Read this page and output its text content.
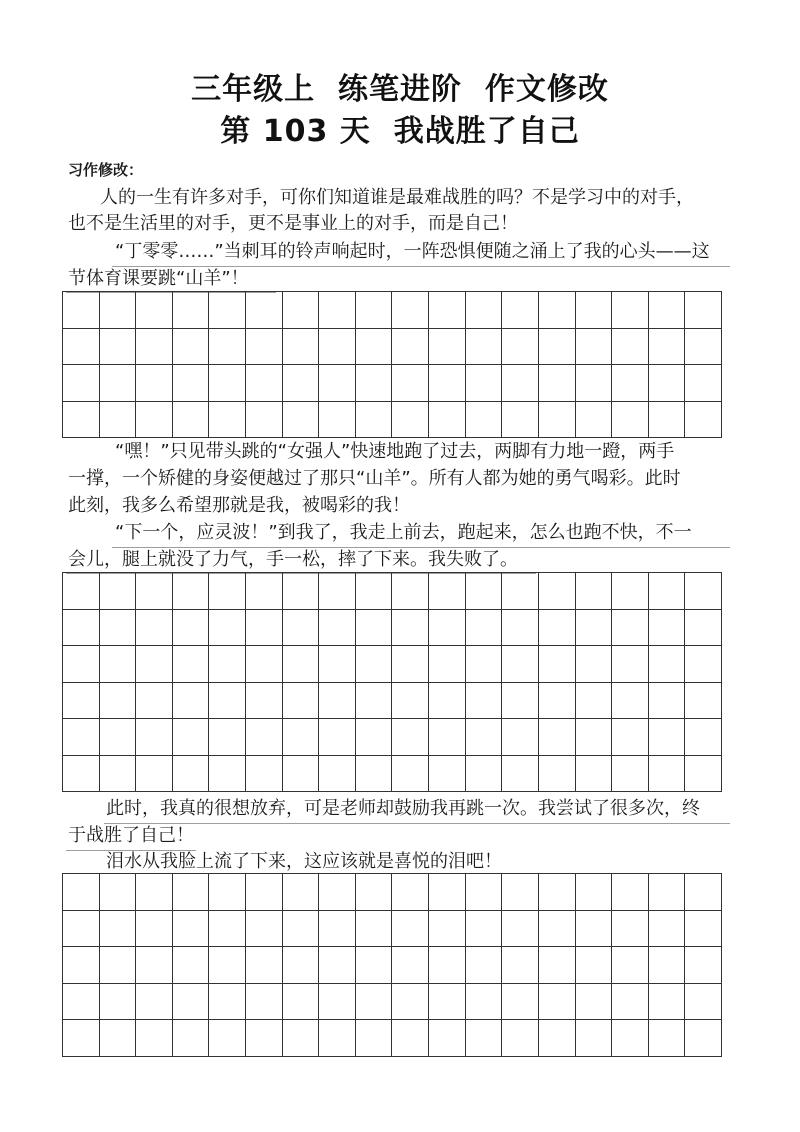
三年级上  练笔进阶  作文修改
第 103 天  我战胜了自己
习作修改：
人的一生有许多对手，可你们知道谁是最难战胜的吗？不是学习中的对手，
也不是生活里的对手，更不是事业上的对手，而是自己！
“丁零零……”当刺耳的铃声响起时，一阵恐惧便随之涌上了我的心头——这
节体育课要跳“山羊”！
“嘿！”只见带头跳的“女强人”快速地跑了过去，两脚有力地一蹬，两手
一撑，一个矫健的身姿便越过了那只“山羊”。所有人都为她的勇气喝彩。此时
此刻，我多么希望那就是我，被喝彩的我！
“下一个，应灵波！”到我了，我走上前去，跑起来，怎么也跑不快，不一
会儿，腿上就没了力气，手一松，摔了下来。我失败了。
此时，我真的很想放弃，可是老师却鼓励我再跳一次。我尝试了很多次，终
于战胜了自己！
泪水从我脸上流了下来，这应该就是喜悦的泪吧！
